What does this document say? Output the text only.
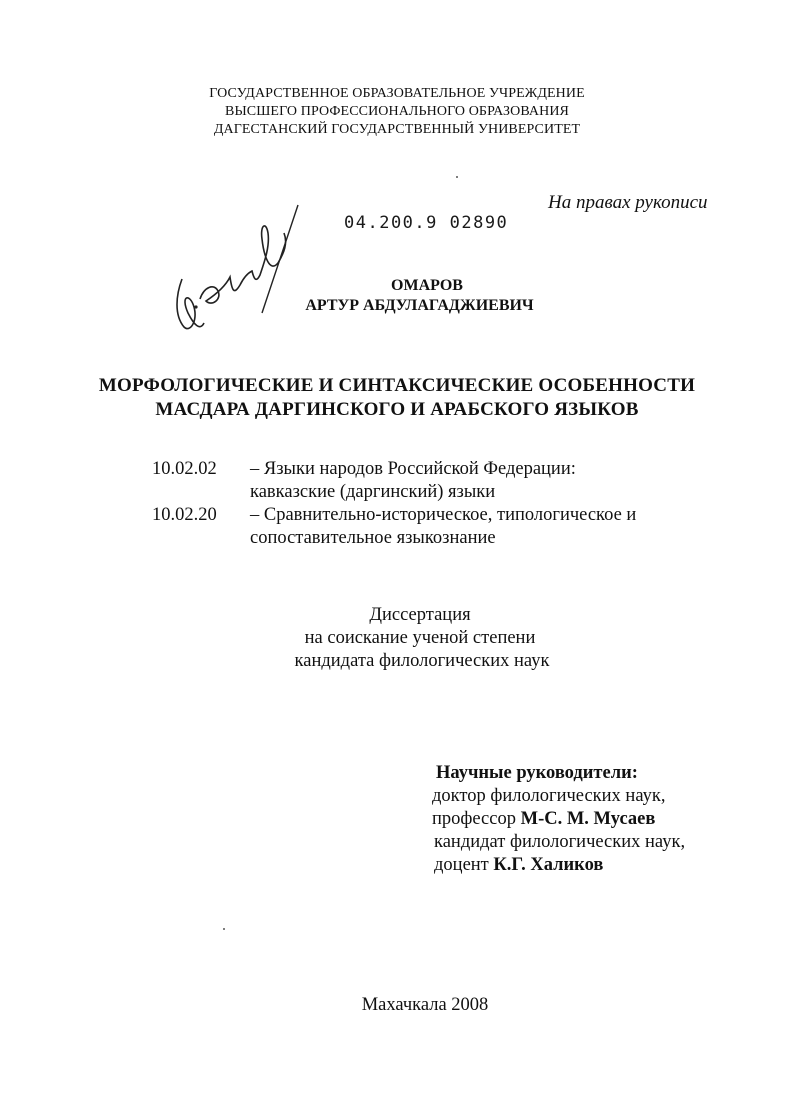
ГОСУДАРСТВЕННОЕ ОБРАЗОВАТЕЛЬНОЕ УЧРЕЖДЕНИЕ
ВЫСШЕГО ПРОФЕССИОНАЛЬНОГО ОБРАЗОВАНИЯ
ДАГЕСТАНСКИЙ ГОСУДАРСТВЕННЫЙ УНИВЕРСИТЕТ
На правах рукописи
04.200.9 02890
ОМАРОВ
АРТУР АБДУЛАГАДЖИЕВИЧ
МОРФОЛОГИЧЕСКИЕ И СИНТАКСИЧЕСКИЕ ОСОБЕННОСТИ
МАСДАРА ДАРГИНСКОГО И АРАБСКОГО ЯЗЫКОВ
10.02.02	– Языки народов Российской Федерации:
кавказские (даргинский) языки
10.02.20	– Сравнительно-историческое, типологическое и
сопоставительное языкознание
Диссертация
на соискание ученой степени
кандидата филологических наук
Научные руководители:
доктор филологических наук,
профессор М-С. М. Мусаев
кандидат филологических наук,
доцент К.Г. Халиков
Махачкала 2008
